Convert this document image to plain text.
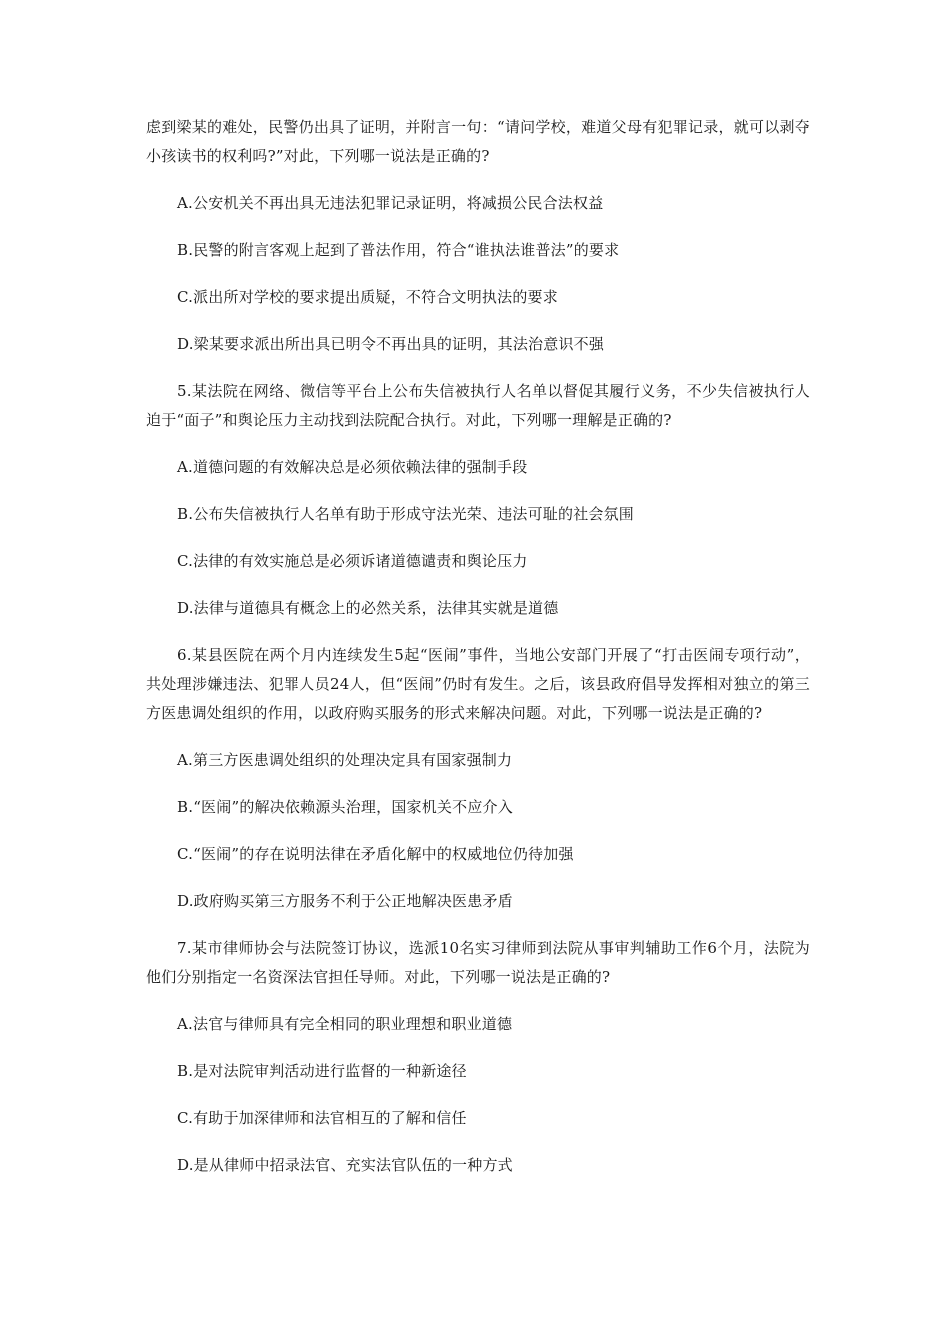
虑到梁某的难处，民警仍出具了证明，并附言一句：“请问学校，难道父母有犯罪记录，就可以剥夺小孩读书的权利吗?”对此，下列哪一说法是正确的?

A.公安机关不再出具无违法犯罪记录证明，将减损公民合法权益

B.民警的附言客观上起到了普法作用，符合“谁执法谁普法”的要求

C.派出所对学校的要求提出质疑，不符合文明执法的要求

D.梁某要求派出所出具已明令不再出具的证明，其法治意识不强

5.某法院在网络、微信等平台上公布失信被执行人名单以督促其履行义务，不少失信被执行人迫于“面子”和舆论压力主动找到法院配合执行。对此，下列哪一理解是正确的?

A.道德问题的有效解决总是必须依赖法律的强制手段

B.公布失信被执行人名单有助于形成守法光荣、违法可耻的社会氛围

C.法律的有效实施总是必须诉诸道德谴责和舆论压力

D.法律与道德具有概念上的必然关系，法律其实就是道德

6.某县医院在两个月内连续发生5起“医闹”事件，当地公安部门开展了“打击医闹专项行动”，共处理涉嫌违法、犯罪人员24人，但“医闹”仍时有发生。之后，该县政府倡导发挥相对独立的第三方医患调处组织的作用，以政府购买服务的形式来解决问题。对此，下列哪一说法是正确的?

A.第三方医患调处组织的处理决定具有国家强制力

B.“医闹”的解决依赖源头治理，国家机关不应介入

C.“医闹”的存在说明法律在矛盾化解中的权威地位仍待加强

D.政府购买第三方服务不利于公正地解决医患矛盾

7.某市律师协会与法院签订协议，选派10名实习律师到法院从事审判辅助工作6个月，法院为他们分别指定一名资深法官担任导师。对此，下列哪一说法是正确的?

A.法官与律师具有完全相同的职业理想和职业道德

B.是对法院审判活动进行监督的一种新途径

C.有助于加深律师和法官相互的了解和信任

D.是从律师中招录法官、充实法官队伍的一种方式
